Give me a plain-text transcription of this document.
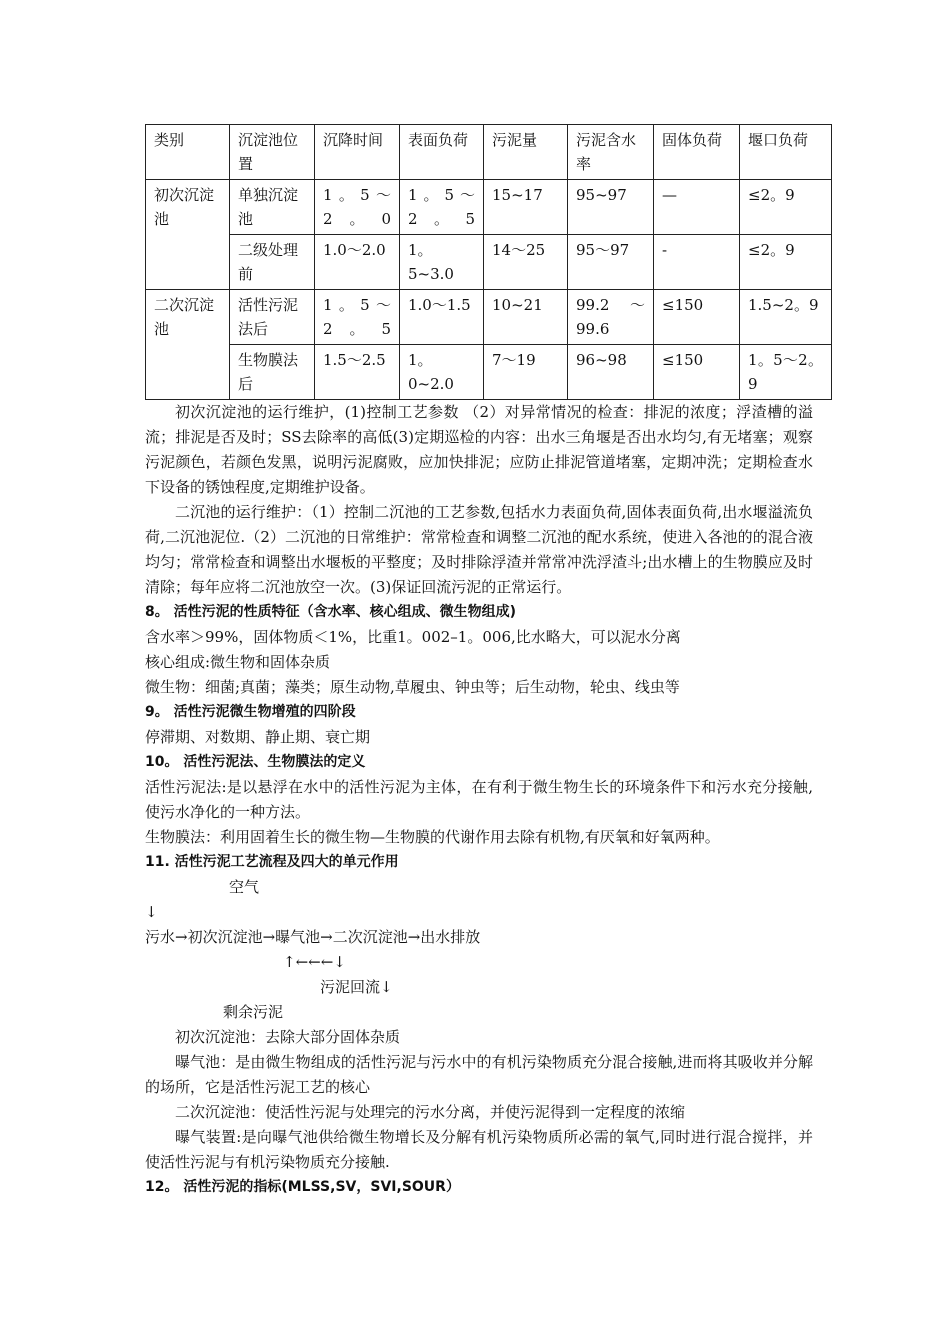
类别	沉淀池位置	沉降时间	表面负荷	污泥量	污泥含水率	固体负荷	堰口负荷
初次沉淀池	单独沉淀池	1。5～2。0	1。5～2。5	15~17	95~97	—	≤2。9
	二级处理前	1.0～2.0	1。5~3.0	14～25	95～97	-	≤2。9
二次沉淀池	活性污泥法后	1。5～2。5	1.0～1.5	10~21	99.2～99.6	≤150	1.5~2。9
	生物膜法后	1.5～2.5	1。0~2.0	7～19	96~98	≤150	1。5～2。9

初次沉淀池的运行维护，(1)控制工艺参数 （2）对异常情况的检查：排泥的浓度；浮渣槽的溢流；排泥是否及时；SS去除率的高低(3)定期巡检的内容：出水三角堰是否出水均匀,有无堵塞；观察污泥颜色，若颜色发黑，说明污泥腐败，应加快排泥；应防止排泥管道堵塞，定期冲洗；定期检查水下设备的锈蚀程度,定期维护设备。

二沉池的运行维护：（1）控制二沉池的工艺参数,包括水力表面负荷,固体表面负荷,出水堰溢流负荷,二沉池泥位.（2）二沉池的日常维护：常常检查和调整二沉池的配水系统，使进入各池的的混合液均匀；常常检查和调整出水堰板的平整度；及时排除浮渣并常常冲洗浮渣斗;出水槽上的生物膜应及时清除；每年应将二沉池放空一次。(3)保证回流污泥的正常运行。

8。 活性污泥的性质特征（含水率、核心组成、微生物组成)

含水率＞99%，固体物质＜1%，比重1。002–1。006,比水略大，可以泥水分离

核心组成:微生物和固体杂质

微生物：细菌;真菌；藻类；原生动物,草履虫、钟虫等；后生动物，轮虫、线虫等

9。 活性污泥微生物增殖的四阶段

停滞期、对数期、静止期、衰亡期

10。 活性污泥法、生物膜法的定义

活性污泥法:是以悬浮在水中的活性污泥为主体，在有利于微生物生长的环境条件下和污水充分接触,使污水净化的一种方法。

生物膜法：利用固着生长的微生物—生物膜的代谢作用去除有机物,有厌氧和好氧两种。

11. 活性污泥工艺流程及四大的单元作用

空气

↓

污水→初次沉淀池→曝气池→二次沉淀池→出水排放

↑←←←↓

污泥回流↓

剩余污泥

初次沉淀池：去除大部分固体杂质

曝气池：是由微生物组成的活性污泥与污水中的有机污染物质充分混合接触,进而将其吸收并分解的场所，它是活性污泥工艺的核心

二次沉淀池：使活性污泥与处理完的污水分离，并使污泥得到一定程度的浓缩

曝气装置:是向曝气池供给微生物增长及分解有机污染物质所必需的氧气,同时进行混合搅拌，并使活性污泥与有机污染物质充分接触.

12。 活性污泥的指标(MLSS,SV，SVI,SOUR）
